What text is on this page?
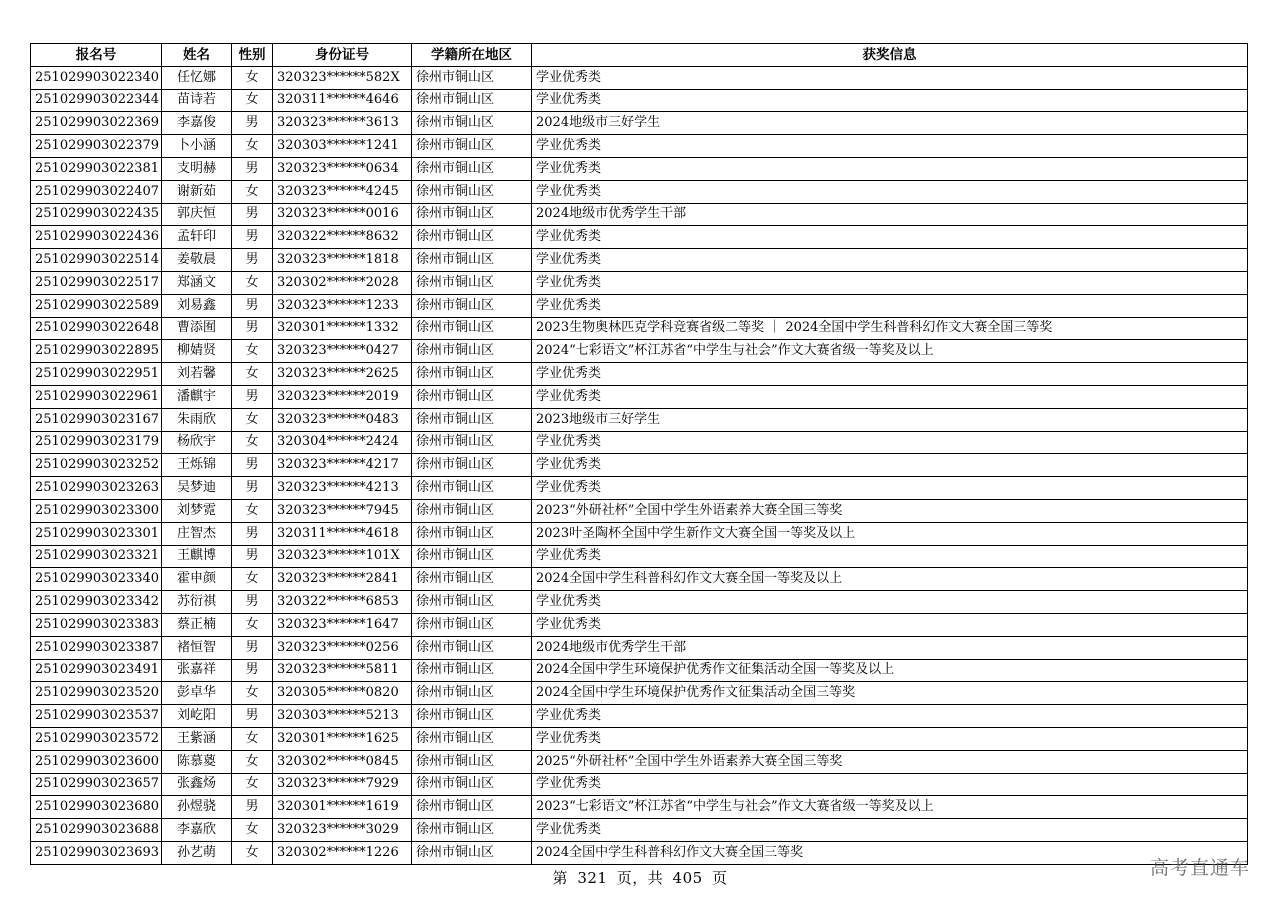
报名号	姓名	性别	身份证号	学籍所在地区	获奖信息
251029903022340	任忆娜	女	320323******582X	徐州市铜山区	学业优秀类
251029903022344	苗诗若	女	320311******4646	徐州市铜山区	学业优秀类
251029903022369	李嘉俊	男	320323******3613	徐州市铜山区	2024地级市三好学生
251029903022379	卜小涵	女	320303******1241	徐州市铜山区	学业优秀类
251029903022381	支明赫	男	320323******0634	徐州市铜山区	学业优秀类
251029903022407	谢新茹	女	320323******4245	徐州市铜山区	学业优秀类
251029903022435	郭庆恒	男	320323******0016	徐州市铜山区	2024地级市优秀学生干部
251029903022436	孟轩印	男	320322******8632	徐州市铜山区	学业优秀类
251029903022514	姜敬晨	男	320323******1818	徐州市铜山区	学业优秀类
251029903022517	郑涵文	女	320302******2028	徐州市铜山区	学业优秀类
251029903022589	刘易鑫	男	320323******1233	徐州市铜山区	学业优秀类
251029903022648	曹添囿	男	320301******1332	徐州市铜山区	2023生物奥林匹克学科竞赛省级二等奖 ｜ 2024全国中学生科普科幻作文大赛全国三等奖
251029903022895	柳婧贤	女	320323******0427	徐州市铜山区	2024“七彩语文”杯江苏省“中学生与社会”作文大赛省级一等奖及以上
251029903022951	刘若馨	女	320323******2625	徐州市铜山区	学业优秀类
251029903022961	潘麒宇	男	320323******2019	徐州市铜山区	学业优秀类
251029903023167	朱雨欣	女	320323******0483	徐州市铜山区	2023地级市三好学生
251029903023179	杨欣宇	女	320304******2424	徐州市铜山区	学业优秀类
251029903023252	王烁锦	男	320323******4217	徐州市铜山区	学业优秀类
251029903023263	吴梦迪	男	320323******4213	徐州市铜山区	学业优秀类
251029903023300	刘梦霓	女	320323******7945	徐州市铜山区	2023“外研社杯”全国中学生外语素养大赛全国三等奖
251029903023301	庄智杰	男	320311******4618	徐州市铜山区	2023叶圣陶杯全国中学生新作文大赛全国一等奖及以上
251029903023321	王麒博	男	320323******101X	徐州市铜山区	学业优秀类
251029903023340	霍申颜	女	320323******2841	徐州市铜山区	2024全国中学生科普科幻作文大赛全国一等奖及以上
251029903023342	苏衍祺	男	320322******6853	徐州市铜山区	学业优秀类
251029903023383	蔡正楠	女	320323******1647	徐州市铜山区	学业优秀类
251029903023387	褚恒智	男	320323******0256	徐州市铜山区	2024地级市优秀学生干部
251029903023491	张嘉祥	男	320323******5811	徐州市铜山区	2024全国中学生环境保护优秀作文征集活动全国一等奖及以上
251029903023520	彭卓华	女	320305******0820	徐州市铜山区	2024全国中学生环境保护优秀作文征集活动全国三等奖
251029903023537	刘屹阳	男	320303******5213	徐州市铜山区	学业优秀类
251029903023572	王紫涵	女	320301******1625	徐州市铜山区	学业优秀类
251029903023600	陈慕葼	女	320302******0845	徐州市铜山区	2025“外研社杯”全国中学生外语素养大赛全国三等奖
251029903023657	张鑫炀	女	320323******7929	徐州市铜山区	学业优秀类
251029903023680	孙煜骁	男	320301******1619	徐州市铜山区	2023“七彩语文”杯江苏省“中学生与社会”作文大赛省级一等奖及以上
251029903023688	李嘉欣	女	320323******3029	徐州市铜山区	学业优秀类
251029903023693	孙艺萌	女	320302******1226	徐州市铜山区	2024全国中学生科普科幻作文大赛全国三等奖
第 321 页，共 405 页	高考直通车
